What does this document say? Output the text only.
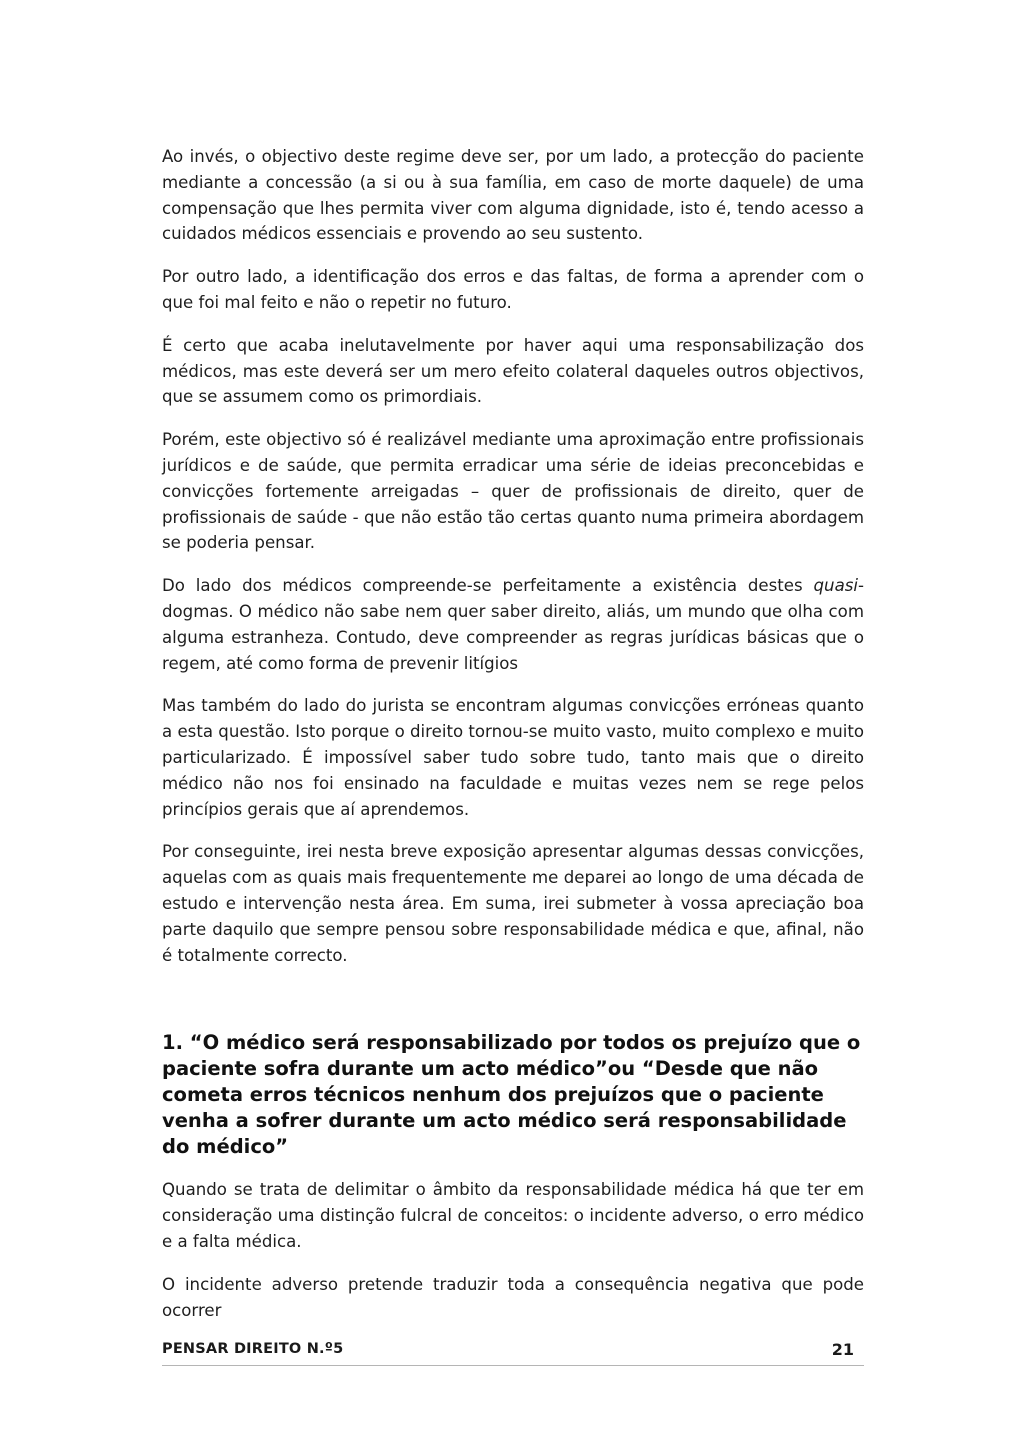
Ao invés, o objectivo deste regime deve ser, por um lado, a protecção do paciente mediante a concessão (a si ou à sua família, em caso de morte daquele) de uma compensação que lhes permita viver com alguma dignidade, isto é, tendo acesso a cuidados médicos essenciais e provendo ao seu sustento.

Por outro lado, a identificação dos erros e das faltas, de forma a aprender com o que foi mal feito e não o repetir no futuro.

É certo que acaba inelutavelmente por haver aqui uma responsabilização dos médicos, mas este deverá ser um mero efeito colateral daqueles outros objectivos, que se assumem como os primordiais.

Porém, este objectivo só é realizável mediante uma aproximação entre profissionais jurídicos e de saúde, que permita erradicar uma série de ideias preconcebidas e convicções fortemente arreigadas – quer de profissionais de direito, quer de profissionais de saúde - que não estão tão certas quanto numa primeira abordagem se poderia pensar.

Do lado dos médicos compreende-se perfeitamente a existência destes quasi-dogmas. O médico não sabe nem quer saber direito, aliás, um mundo que olha com alguma estranheza. Contudo, deve compreender as regras jurídicas básicas que o regem, até como forma de prevenir litígios

Mas também do lado do jurista se encontram algumas convicções erróneas quanto a esta questão. Isto porque o direito tornou-se muito vasto, muito complexo e muito particularizado. É impossível saber tudo sobre tudo, tanto mais que o direito médico não nos foi ensinado na faculdade e muitas vezes nem se rege pelos princípios gerais que aí aprendemos.

Por conseguinte, irei nesta breve exposição apresentar algumas dessas convicções, aquelas com as quais mais frequentemente me deparei ao longo de uma década de estudo e intervenção nesta área. Em suma, irei submeter à vossa apreciação boa parte daquilo que sempre pensou sobre responsabilidade médica e que, afinal, não é totalmente correcto.

1. “O médico será responsabilizado por todos os prejuízo que o paciente sofra durante um acto médico”ou “Desde que não cometa erros técnicos nenhum dos prejuízos que o paciente venha a sofrer durante um acto médico será responsabilidade do médico”

Quando se trata de delimitar o âmbito da responsabilidade médica há que ter em consideração uma distinção fulcral de conceitos: o incidente adverso, o erro médico e a falta médica.

O incidente adverso pretende traduzir toda a consequência negativa que pode ocorrer

PENSAR DIREITO N.º5	21
